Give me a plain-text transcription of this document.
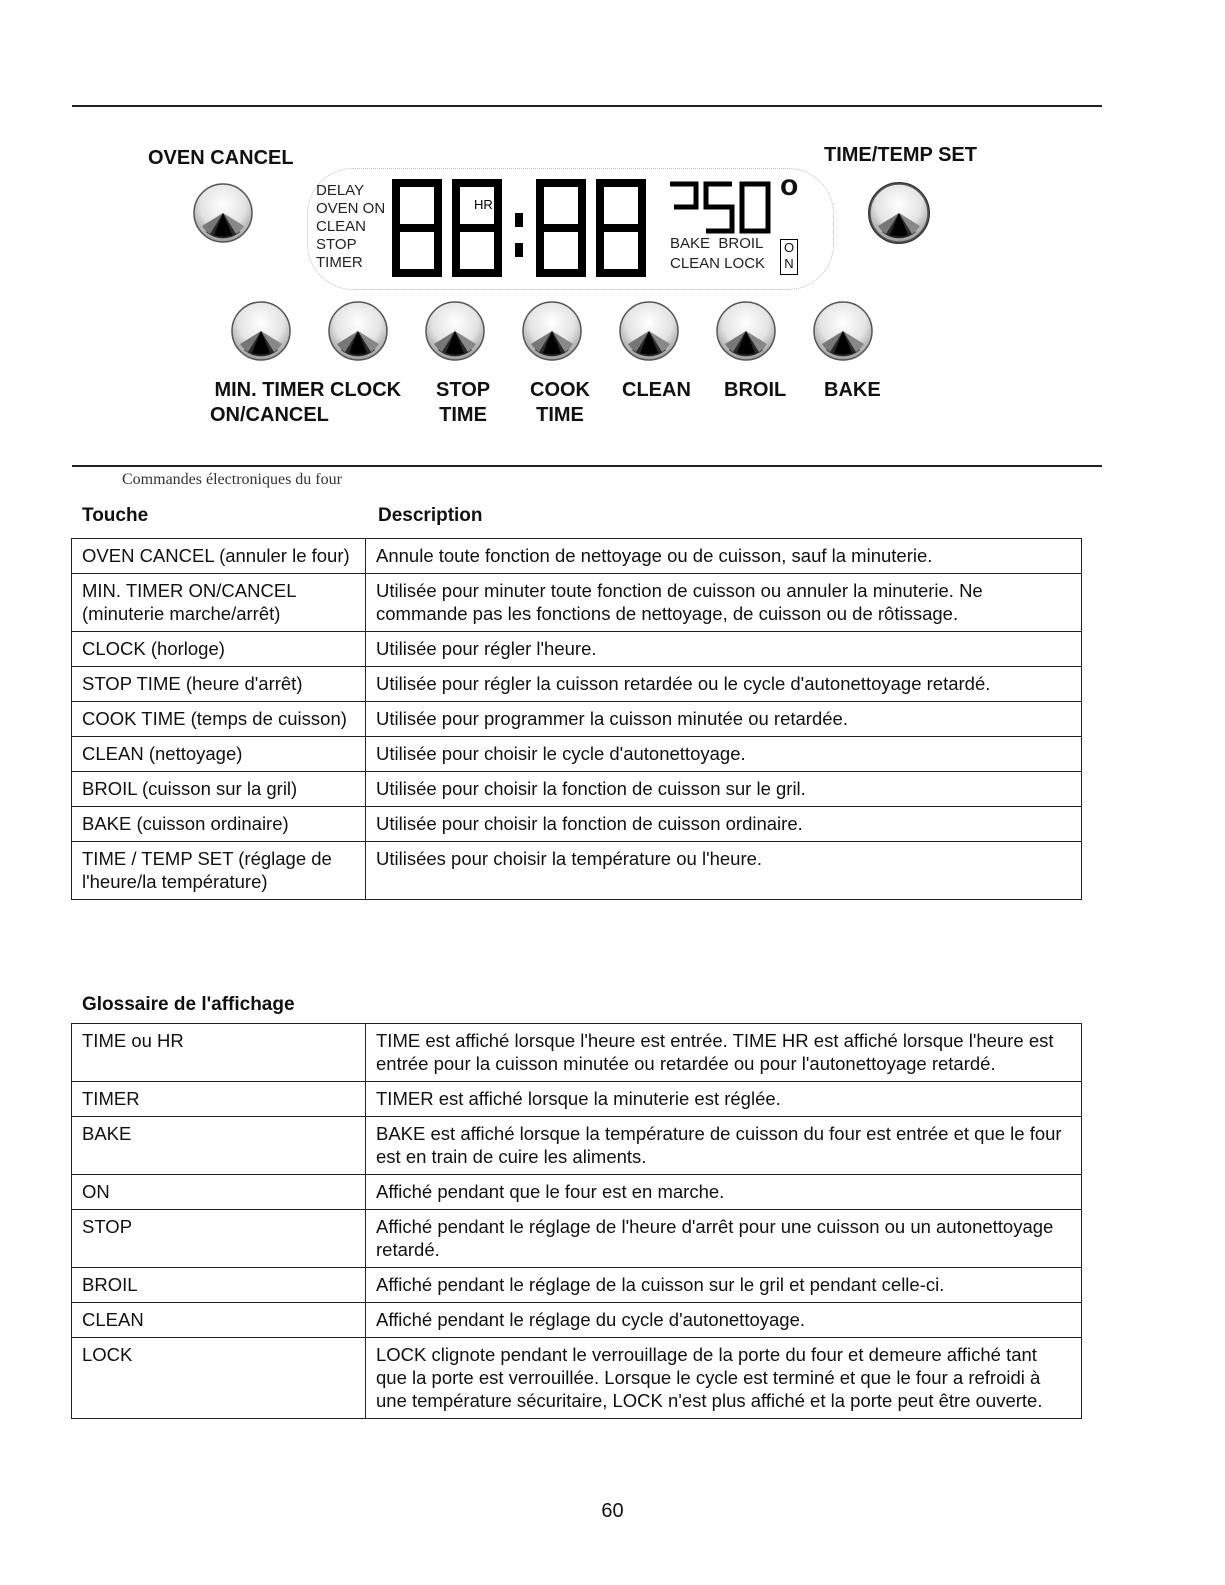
OVEN CANCEL	TIME/TEMP SET
DELAY
OVEN ON
CLEAN
STOP
TIMER
HR
o
BAKE  BROIL
CLEAN LOCK
O
N
MIN. TIMER
ON/CANCEL
CLOCK STOP
TIME
COOK
TIME
CLEAN BROIL BAKE
Commandes électroniques du four
Touche	Description
OVEN CANCEL (annuler le four)	Annule toute fonction de nettoyage ou de cuisson, sauf la minuterie.
MIN. TIMER ON/CANCEL (minuterie marche/arrêt)	Utilisée pour minuter toute fonction de cuisson ou annuler la minuterie. Ne commande pas les fonctions de nettoyage, de cuisson ou de rôtissage.
CLOCK (horloge)	Utilisée pour régler l'heure.
STOP TIME (heure d'arrêt)	Utilisée pour régler la cuisson retardée ou le cycle d'autonettoyage retardé.
COOK TIME (temps de cuisson)	Utilisée pour programmer la cuisson minutée ou retardée.
CLEAN (nettoyage)	Utilisée pour choisir le cycle d'autonettoyage.
BROIL (cuisson sur la gril)	Utilisée pour choisir la fonction de cuisson sur le gril.
BAKE (cuisson ordinaire)	Utilisée pour choisir la fonction de cuisson ordinaire.
TIME / TEMP SET (réglage de l'heure/la température)	Utilisées pour choisir la température ou l'heure.
Glossaire de l'affichage
TIME ou HR	TIME est affiché lorsque l'heure est entrée. TIME HR est affiché lorsque l'heure est entrée pour la cuisson minutée ou retardée ou pour l'autonettoyage retardé.
TIMER	TIMER est affiché lorsque la minuterie est réglée.
BAKE	BAKE est affiché lorsque la température de cuisson du four est entrée et que le four est en train de cuire les aliments.
ON	Affiché pendant que le four est en marche.
STOP	Affiché pendant le réglage de l'heure d'arrêt pour une cuisson ou un autonettoyage retardé.
BROIL	Affiché pendant le réglage de la cuisson sur le gril et pendant celle-ci.
CLEAN	Affiché pendant le réglage du cycle d'autonettoyage.
LOCK	LOCK clignote pendant le verrouillage de la porte du four et demeure affiché tant que la porte est verrouillée. Lorsque le cycle est terminé et que le four a refroidi à une température sécuritaire, LOCK n'est plus affiché et la porte peut être ouverte.
60
